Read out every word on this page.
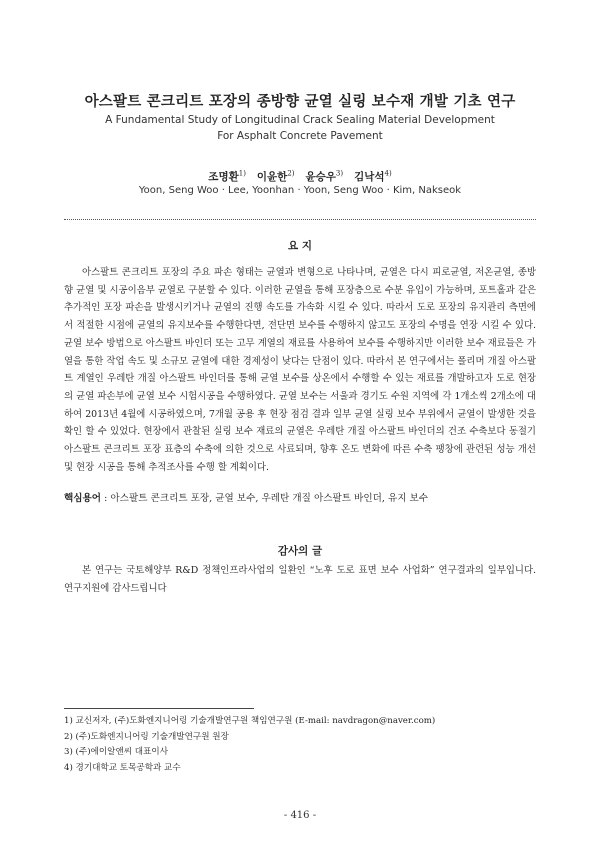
아스팔트 콘크리트 포장의 종방향 균열 실링 보수재 개발 기초 연구
A Fundamental Study of Longitudinal Crack Sealing Material Development
For Asphalt Concrete Pavement
조명환$^{1)}$ 이윤한$^{2)}$ 윤승우$^{3)}$ 김낙석$^{4)}$
Yoon, Seng Woo · Lee, Yoonhan · Yoon, Seng Woo · Kim, Nakseok
요 지

아스팔트 콘크리트 포장의 주요 파손 형태는 균열과 변형으로 나타나며, 균열은 다시 피로균열, 저온균열, 종방향 균열 및 시공이음부 균열로 구분할 수 있다. 이러한 균열을 통해 포장층으로 수분 유입이 가능하며, 포트홀과 같은 추가적인 포장 파손을 발생시키거나 균열의 진행 속도를 가속화 시킬 수 있다. 따라서 도로 포장의 유지관리 측면에서 적절한 시점에 균열의 유지보수를 수행한다면, 전단면 보수를 수행하지 않고도 포장의 수명을 연장 시킬 수 있다. 균열 보수 방법으로 아스팔트 바인더 또는 고무 계열의 재료를 사용하여 보수를 수행하지만 이러한 보수 재료들은 가열을 통한 작업 속도 및 소규모 균열에 대한 경제성이 낮다는 단점이 있다. 따라서 본 연구에서는 폴리머 개질 아스팔트 계열인 우레탄 개질 아스팔트 바인더를 통해 균열 보수를 상온에서 수행할 수 있는 재료를 개발하고자 도로 현장의 균열 파손부에 균열 보수 시험시공을 수행하였다. 균열 보수는 서울과 경기도 수원 지역에 각 1개소씩 2개소에 대하여 2013년 4월에 시공하였으며, 7개월 공용 후 현장 점검 결과 일부 균열 실링 보수 부위에서 균열이 발생한 것을 확인 할 수 있었다. 현장에서 관찰된 실링 보수 재료의 균열은 우레탄 개질 아스팔트 바인더의 건조 수축보다 동절기 아스팔트 콘크리트 포장 표층의 수축에 의한 것으로 사료되며, 향후 온도 변화에 따른 수축 팽창에 관련된 성능 개선 및 현장 시공을 통해 추적조사를 수행 할 계획이다.

핵심용어 : 아스팔트 콘크리트 포장, 균열 보수, 우레탄 개질 아스팔트 바인더, 유지 보수
감사의 글

본 연구는 국토해양부 R&D 정책인프라사업의 일환인 “노후 도로 표면 보수 사업화” 연구결과의 일부입니다. 연구지원에 감사드립니다

1) 교신저자, (주)도화엔지니어링 기술개발연구원 책임연구원 (E-mail: navdragon@naver.com)
2) (주)도화엔지니어링 기술개발연구원 원장
3) (주)에이알앤씨 대표이사
4) 경기대학교 토목공학과 교수
- 416 -
